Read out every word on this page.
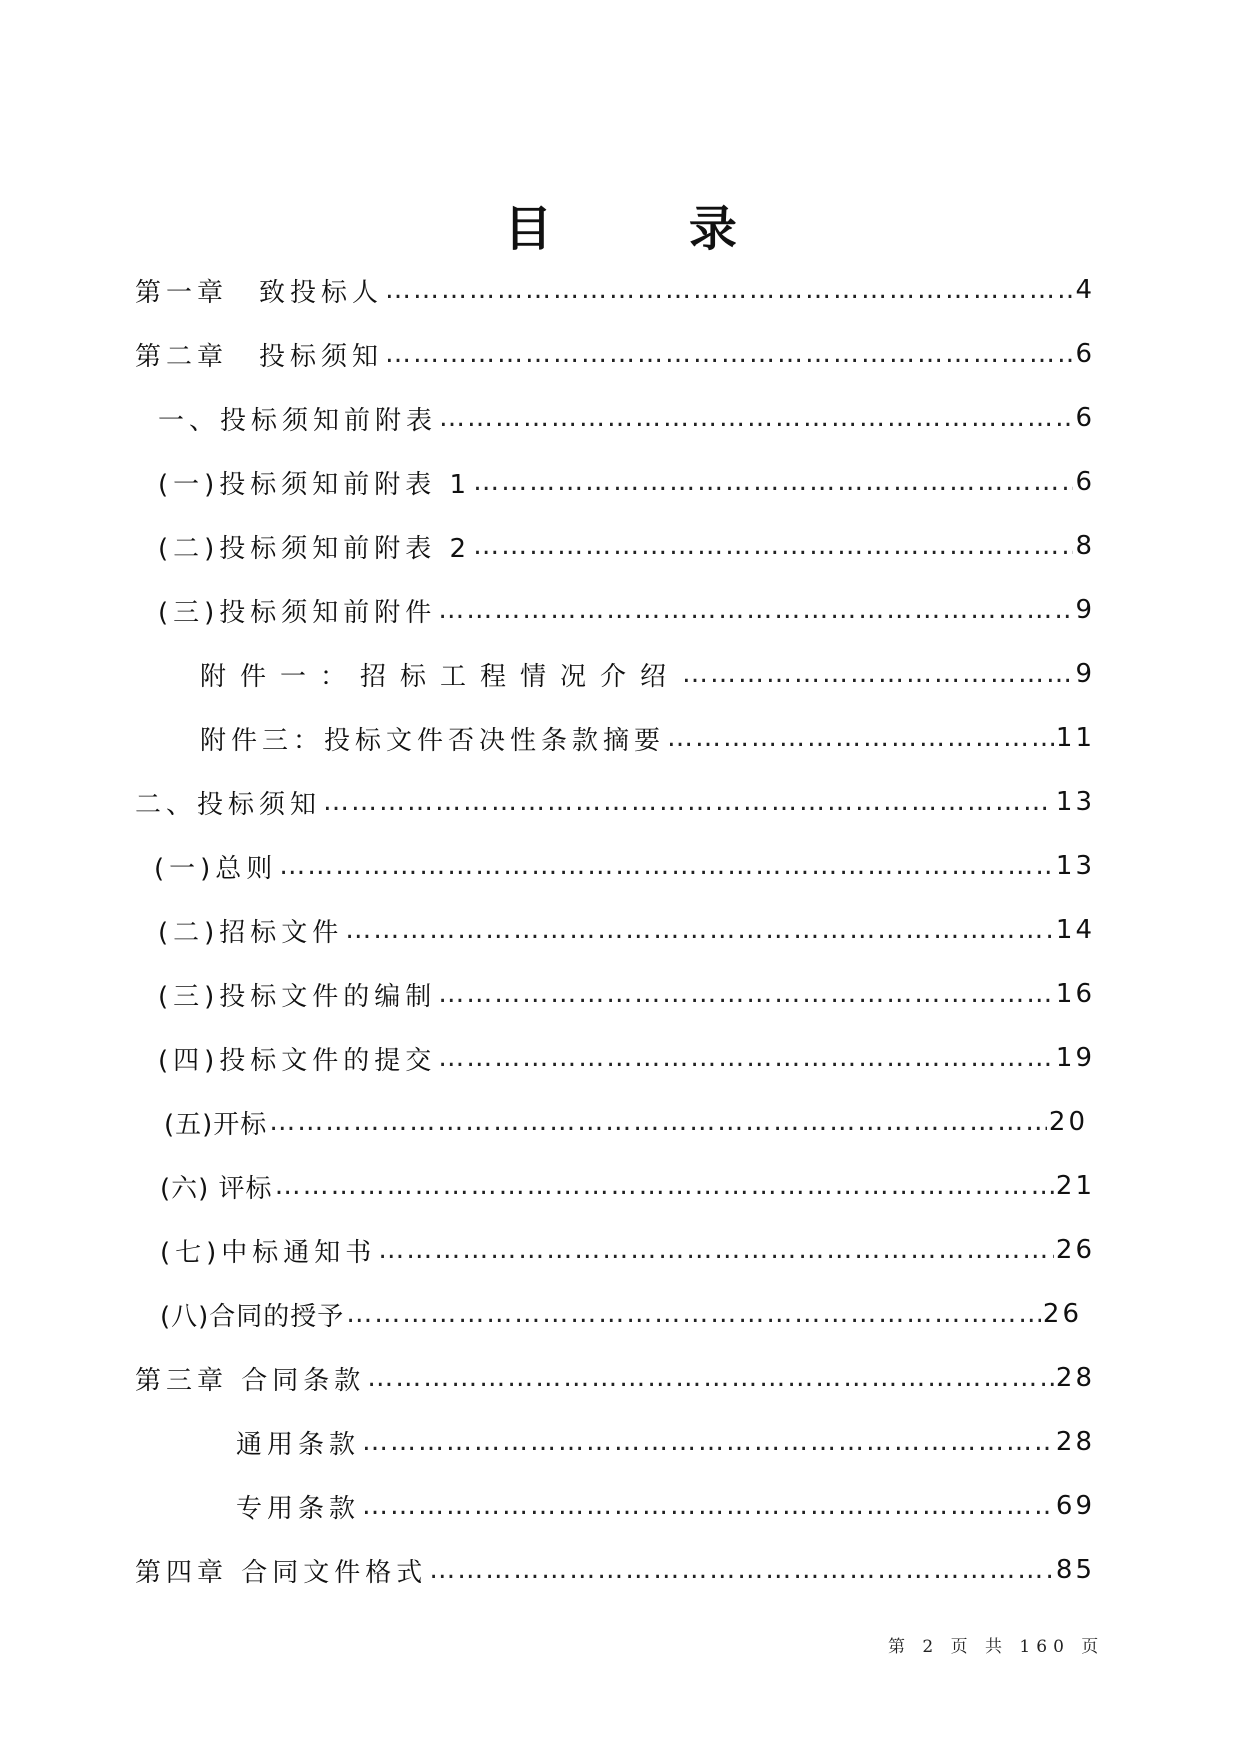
目 录
第一章　致投标人 …………………………………………………………………………………………………………………………………………………………………………………………………………	4
第二章　投标须知 …………………………………………………………………………………………………………………………………………………………………………………………………………	6
一、投标须知前附表 …………………………………………………………………………………………………………………………………………………………………………………………………………	6
(一)投标须知前附表 1 …………………………………………………………………………………………………………………………………………………………………………………………………………	6
(二)投标须知前附表 2 …………………………………………………………………………………………………………………………………………………………………………………………………………	8
(三)投标须知前附件 …………………………………………………………………………………………………………………………………………………………………………………………………………	9
附件一：招标工程情况介绍 …………………………………………………………………………………………………………………………………………………………………………………………………………	9
附件三：投标文件否决性条款摘要 …………………………………………………………………………………………………………………………………………………………………………………………………………	11
二、投标须知 …………………………………………………………………………………………………………………………………………………………………………………………………………	13
(一)总则 …………………………………………………………………………………………………………………………………………………………………………………………………………	13
(二)招标文件 …………………………………………………………………………………………………………………………………………………………………………………………………………	14
(三)投标文件的编制 …………………………………………………………………………………………………………………………………………………………………………………………………………	16
(四)投标文件的提交 …………………………………………………………………………………………………………………………………………………………………………………………………………	19
(五)开标 …………………………………………………………………………………………………………………………………………………………………………………………………………	20
(六) 评标 …………………………………………………………………………………………………………………………………………………………………………………………………………	21
(七)中标通知书 …………………………………………………………………………………………………………………………………………………………………………………………………………	26
(八)合同的授予 …………………………………………………………………………………………………………………………………………………………………………………………………………	26
第三章 合同条款 …………………………………………………………………………………………………………………………………………………………………………………………………………	28
通用条款 …………………………………………………………………………………………………………………………………………………………………………………………………………	28
专用条款 …………………………………………………………………………………………………………………………………………………………………………………………………………	69
第四章 合同文件格式 …………………………………………………………………………………………………………………………………………………………………………………………………………	85
第 2 页 共 160 页
